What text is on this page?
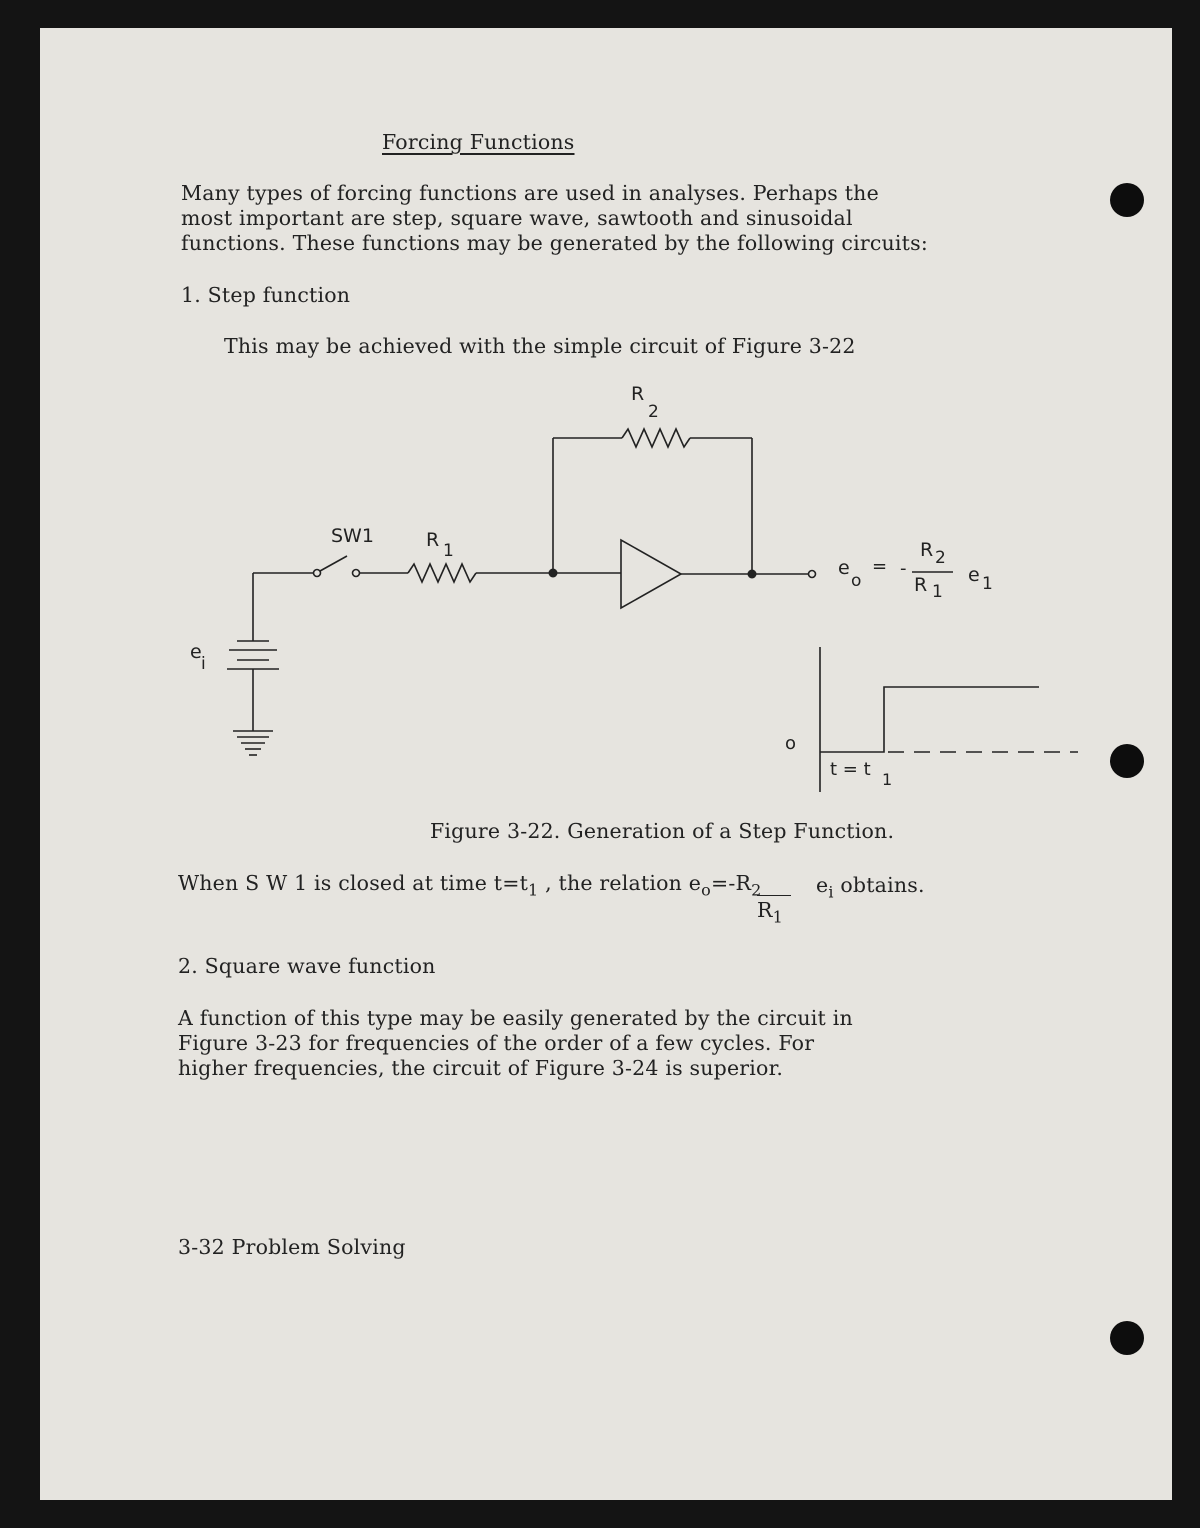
Forcing Functions
Many types of forcing functions are used in analyses. Perhaps the
most important are step, square wave, sawtooth and sinusoidal
functions. These functions may be generated by the following circuits:
1. Step function
This may be achieved with the simple circuit of Figure 3-22
SW1	R 1
R
2
e
i
e
o
= -
R 2
R 1
e 1
o
t = t 1
Figure 3-22. Generation of a Step Function.
When S W 1 is closed at time $t=t_1$ , the relation $e_o=-R_2$
$R_1$
$e_i$ obtains.
2. Square wave function
A function of this type may be easily generated by the circuit in
Figure 3-23 for frequencies of the order of a few cycles. For
higher frequencies, the circuit of Figure 3-24 is superior.
3-32 Problem Solving
